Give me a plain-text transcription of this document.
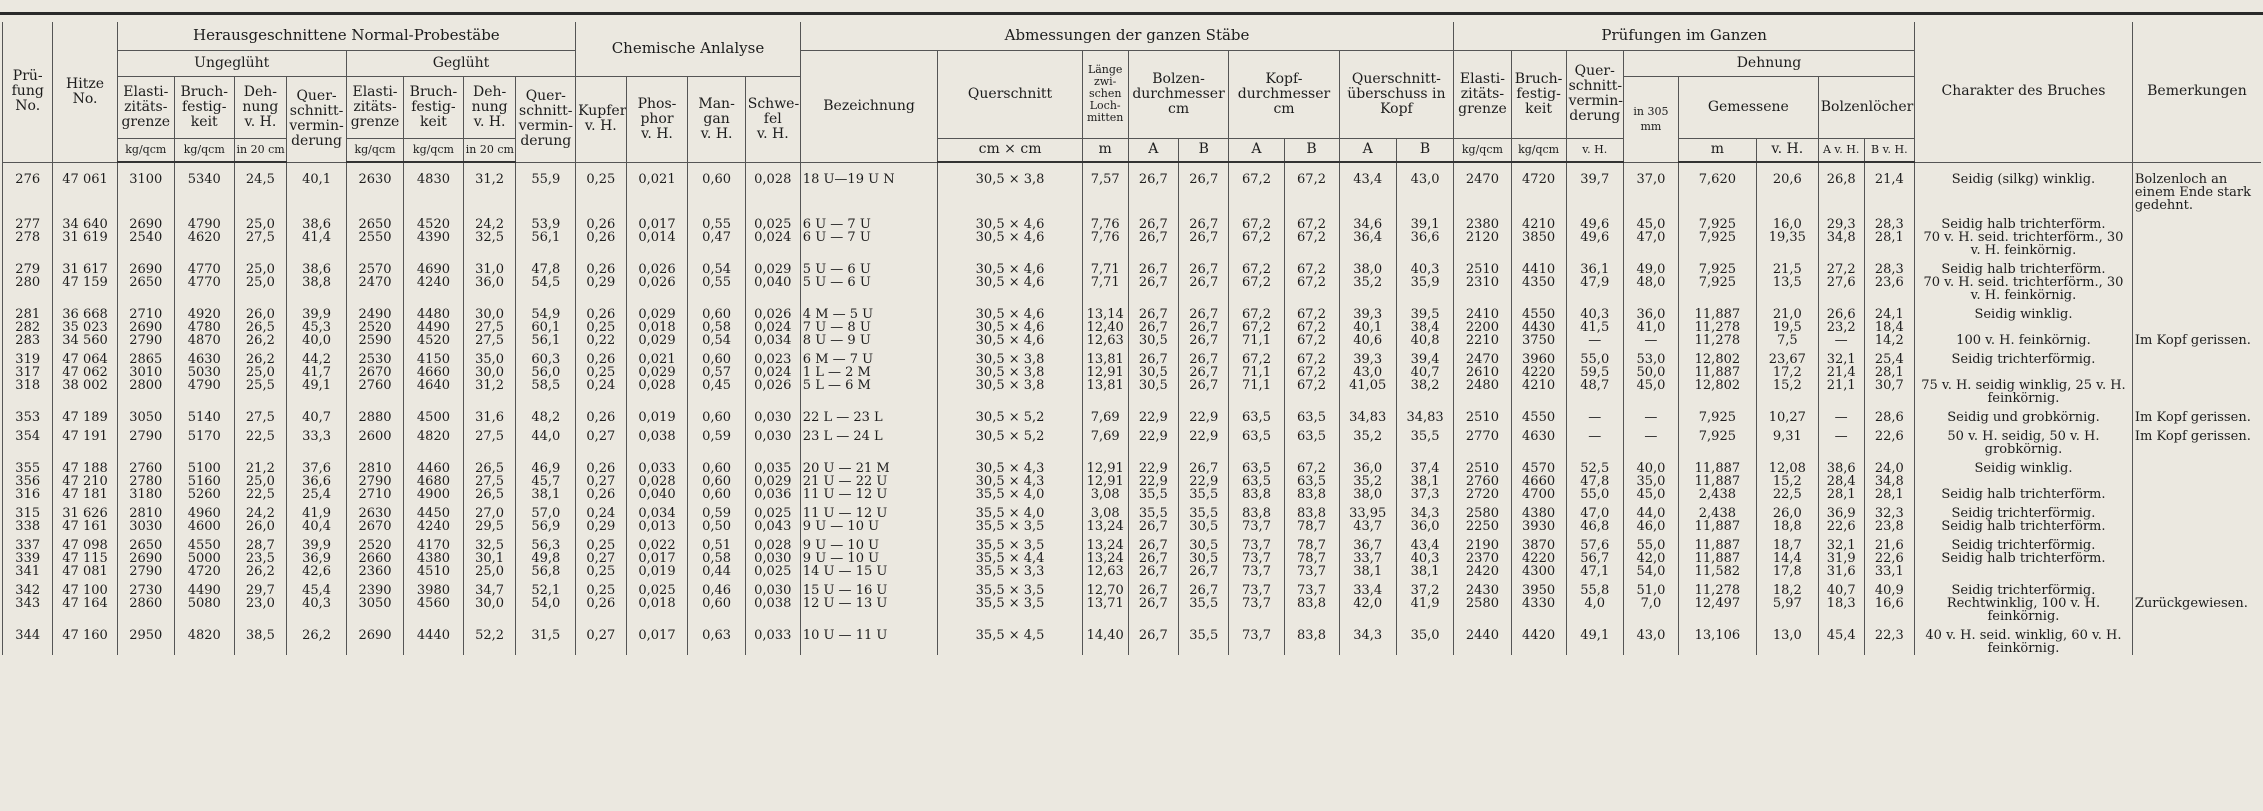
Prü-fung No.	Hitze No.	Herausgeschnittene Normal-Probestäbe								Chemische Anlalyse				Abmessungen der ganzen Stäbe									Prüfungen im Ganzen								Charakter des Bruches	Bemerkungen
		Ungeglüht				Geglüht								Bezeichnung	Querschnitt	Länge zwi-schen Loch-mitten	Bolzen-durchmesser cm		Kopf-durchmesser cm		Querschnitt-überschuss in Kopf		Elasti-zitäts-grenze	Bruch-festig-keit	Quer-schnitt-vermin-derung	Dehnung						
		Elasti-zitäts-grenze	Bruch-festig-keit	Deh-nung v. H.	Quer-schnitt-vermin-derung	Elasti-zitäts-grenze	Bruch-festig-keit	Deh-nung v. H.	Quer-schnitt-vermin-derung	Kupfer
v. H.	Phos-phor
v. H.	Man-gan
v. H.	Schwe-fel
v. H.													in 305 mm	Gemessene		Bolzenlöcher			
		kg/qcm	kg/qcm	in 20 cm		kg/qcm	kg/qcm	in 20 cm							cm × cm	m	A	B	A	B	A	B	kg/qcm	kg/qcm	v. H.		m	v. H.	A v. H.	B v. H.		

276	47 061	3100	5340	24,5	40,1	2630	4830	31,2	55,9	0,25	0,021	0,60	0,028	18 U—19 U N	30,5 × 3,8	7,57	26,7	26,7	67,2	67,2	43,4	43,0	2470	4720	39,7	37,0	7,620	20,6	26,8	21,4	Seidig (silkg) winklig.	Bolzenloch an einem Ende stark gedehnt.

277	34 640	2690	4790	25,0	38,6	2650	4520	24,2	53,9	0,26	0,017	0,55	0,025	6 U — 7 U	30,5 × 4,6	7,76	26,7	26,7	67,2	67,2	34,6	39,1	2380	4210	49,6	45,0	7,925	16,0	29,3	28,3	Seidig halb trichterförm.	
278	31 619	2540	4620	27,5	41,4	2550	4390	32,5	56,1	0,26	0,014	0,47	0,024	6 U — 7 U	30,5 × 4,6	7,76	26,7	26,7	67,2	67,2	36,4	36,6	2120	3850	49,6	47,0	7,925	19,35	34,8	28,1	70 v. H. seid. trichterförm., 30 v. H. feinkörnig.	

279	31 617	2690	4770	25,0	38,6	2570	4690	31,0	47,8	0,26	0,026	0,54	0,029	5 U — 6 U	30,5 × 4,6	7,71	26,7	26,7	67,2	67,2	38,0	40,3	2510	4410	36,1	49,0	7,925	21,5	27,2	28,3	Seidig halb trichterförm.	
280	47 159	2650	4770	25,0	38,8	2470	4240	36,0	54,5	0,29	0,026	0,55	0,040	5 U — 6 U	30,5 × 4,6	7,71	26,7	26,7	67,2	67,2	35,2	35,9	2310	4350	47,9	48,0	7,925	13,5	27,6	23,6	70 v. H. seid. trichterförm., 30 v. H. feinkörnig.	

281	36 668	2710	4920	26,0	39,9	2490	4480	30,0	54,9	0,26	0,029	0,60	0,026	4 M — 5 U	30,5 × 4,6	13,14	26,7	26,7	67,2	67,2	39,3	39,5	2410	4550	40,3	36,0	11,887	21,0	26,6	24,1	Seidig winklig.	
282	35 023	2690	4780	26,5	45,3	2520	4490	27,5	60,1	0,25	0,018	0,58	0,024	7 U — 8 U	30,5 × 4,6	12,40	26,7	26,7	67,2	67,2	40,1	38,4	2200	4430	41,5	41,0	11,278	19,5	23,2	18,4		
283	34 560	2790	4870	26,2	40,0	2590	4520	27,5	56,1	0,22	0,029	0,54	0,034	8 U — 9 U	30,5 × 4,6	12,63	30,5	26,7	71,1	67,2	40,6	40,8	2210	3750	—	—	11,278	7,5	—	14,2	100 v. H. feinkörnig.	Im Kopf gerissen.

319	47 064	2865	4630	26,2	44,2	2530	4150	35,0	60,3	0,26	0,021	0,60	0,023	6 M — 7 U	30,5 × 3,8	13,81	26,7	26,7	67,2	67,2	39,3	39,4	2470	3960	55,0	53,0	12,802	23,67	32,1	25,4	Seidig trichterförmig.	
317	47 062	3010	5030	25,0	41,7	2670	4660	30,0	56,0	0,25	0,029	0,57	0,024	1 L — 2 M	30,5 × 3,8	12,91	30,5	26,7	71,1	67,2	43,0	40,7	2610	4220	59,5	50,0	11,887	17,2	21,4	28,1		
318	38 002	2800	4790	25,5	49,1	2760	4640	31,2	58,5	0,24	0,028	0,45	0,026	5 L — 6 M	30,5 × 3,8	13,81	30,5	26,7	71,1	67,2	41,05	38,2	2480	4210	48,7	45,0	12,802	15,2	21,1	30,7	75 v. H. seidig winklig, 25 v. H. feinkörnig.	

353	47 189	3050	5140	27,5	40,7	2880	4500	31,6	48,2	0,26	0,019	0,60	0,030	22 L — 23 L	30,5 × 5,2	7,69	22,9	22,9	63,5	63,5	34,83	34,83	2510	4550	—	—	7,925	10,27	—	28,6	Seidig und grobkörnig.	Im Kopf gerissen.

354	47 191	2790	5170	22,5	33,3	2600	4820	27,5	44,0	0,27	0,038	0,59	0,030	23 L — 24 L	30,5 × 5,2	7,69	22,9	22,9	63,5	63,5	35,2	35,5	2770	4630	—	—	7,925	9,31	—	22,6	50 v. H. seidig, 50 v. H. grobkörnig.	Im Kopf gerissen.

355	47 188	2760	5100	21,2	37,6	2810	4460	26,5	46,9	0,26	0,033	0,60	0,035	20 U — 21 M	30,5 × 4,3	12,91	22,9	26,7	63,5	67,2	36,0	37,4	2510	4570	52,5	40,0	11,887	12,08	38,6	24,0	Seidig winklig.	
356	47 210	2780	5160	25,0	36,6	2790	4680	27,5	45,7	0,27	0,028	0,60	0,029	21 U — 22 U	30,5 × 4,3	12,91	22,9	22,9	63,5	63,5	35,2	38,1	2760	4660	47,8	35,0	11,887	15,2	28,4	34,8		
316	47 181	3180	5260	22,5	25,4	2710	4900	26,5	38,1	0,26	0,040	0,60	0,036	11 U — 12 U	35,5 × 4,0	3,08	35,5	35,5	83,8	83,8	38,0	37,3	2720	4700	55,0	45,0	2,438	22,5	28,1	28,1	Seidig halb trichterförm.	

315	31 626	2810	4960	24,2	41,9	2630	4450	27,0	57,0	0,24	0,034	0,59	0,025	11 U — 12 U	35,5 × 4,0	3,08	35,5	35,5	83,8	83,8	33,95	34,3	2580	4380	47,0	44,0	2,438	26,0	36,9	32,3	Seidig trichterförmig.	
338	47 161	3030	4600	26,0	40,4	2670	4240	29,5	56,9	0,29	0,013	0,50	0,043	9 U — 10 U	35,5 × 3,5	13,24	26,7	30,5	73,7	78,7	43,7	36,0	2250	3930	46,8	46,0	11,887	18,8	22,6	23,8	Seidig halb trichterförm.	

337	47 098	2650	4550	28,7	39,9	2520	4170	32,5	56,3	0,25	0,022	0,51	0,028	9 U — 10 U	35,5 × 3,5	13,24	26,7	30,5	73,7	78,7	36,7	43,4	2190	3870	57,6	55,0	11,887	18,7	32,1	21,6	Seidig trichterförmig.	
339	47 115	2690	5000	23,5	36,9	2660	4380	30,1	49,8	0,27	0,017	0,58	0,030	9 U — 10 U	35,5 × 4,4	13,24	26,7	30,5	73,7	78,7	33,7	40,3	2370	4220	56,7	42,0	11,887	14,4	31,9	22,6	Seidig halb trichterförm.	
341	47 081	2790	4720	26,2	42,6	2360	4510	25,0	56,8	0,25	0,019	0,44	0,025	14 U — 15 U	35,5 × 3,3	12,63	26,7	26,7	73,7	73,7	38,1	38,1	2420	4300	47,1	54,0	11,582	17,8	31,6	33,1		

342	47 100	2730	4490	29,7	45,4	2390	3980	34,7	52,1	0,25	0,025	0,46	0,030	15 U — 16 U	35,5 × 3,5	12,70	26,7	26,7	73,7	73,7	33,4	37,2	2430	3950	55,8	51,0	11,278	18,2	40,7	40,9	Seidig trichterförmig.	
343	47 164	2860	5080	23,0	40,3	3050	4560	30,0	54,0	0,26	0,018	0,60	0,038	12 U — 13 U	35,5 × 3,5	13,71	26,7	35,5	73,7	83,8	42,0	41,9	2580	4330	4,0	7,0	12,497	5,97	18,3	16,6	Rechtwinklig, 100 v. H. feinkörnig.	Zurückgewiesen.

344	47 160	2950	4820	38,5	26,2	2690	4440	52,2	31,5	0,27	0,017	0,63	0,033	10 U — 11 U	35,5 × 4,5	14,40	26,7	35,5	73,7	83,8	34,3	35,0	2440	4420	49,1	43,0	13,106	13,0	45,4	22,3	40 v. H. seid. winklig, 60 v. H. feinkörnig.	
